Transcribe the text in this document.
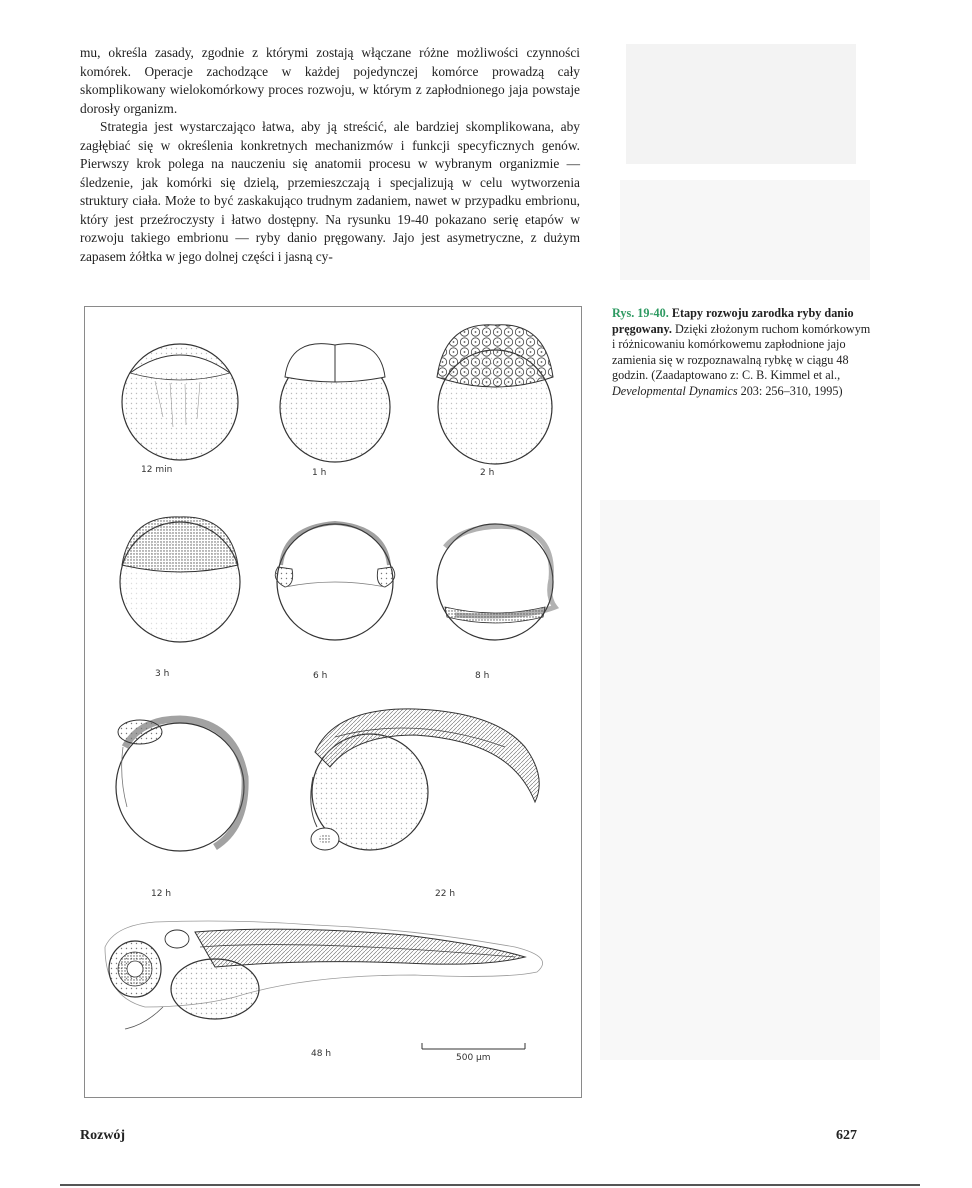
mu, określa zasady, zgodnie z którymi zostają włączane różne możliwości czynności komórek. Operacje zachodzące w każdej pojedynczej komórce prowadzą cały skomplikowany wielokomórkowy proces rozwoju, w którym z zapłodnionego jaja powstaje dorosły organizm.

Strategia jest wystarczająco łatwa, aby ją streścić, ale bardziej skomplikowana, aby zagłębiać się w określenia konkretnych mechanizmów i funkcji specyficznych genów. Pierwszy krok polega na nauczeniu się anatomii procesu w wybranym organizmie — śledzenie, jak komórki się dzielą, przemieszczają i specjalizują w celu wytworzenia struktury ciała. Może to być zaskakująco trudnym zadaniem, nawet w przypadku embrionu, który jest przeźroczysty i łatwo dostępny. Na rysunku 19-40 pokazano serię etapów w rozwoju takiego embrionu — ryby danio pręgowany. Jajo jest asymetryczne, z dużym zapasem żółtka w jego dolnej części i jasną cy-

12 min	1 h	2 h
3 h	6 h	8 h
12 h	22 h
48 h	500 μm
Rys. 19-40. Etapy rozwoju zarodka ryby danio pręgowany. Dzięki złożonym ruchom komórkowym i różnicowaniu komórkowemu zapłodnione jajo zamienia się w rozpoznawalną rybkę w ciągu 48 godzin. (Zaadaptowano z: C. B. Kimmel et al., Developmental Dynamics 203: 256–310, 1995)
Rozwój	627
